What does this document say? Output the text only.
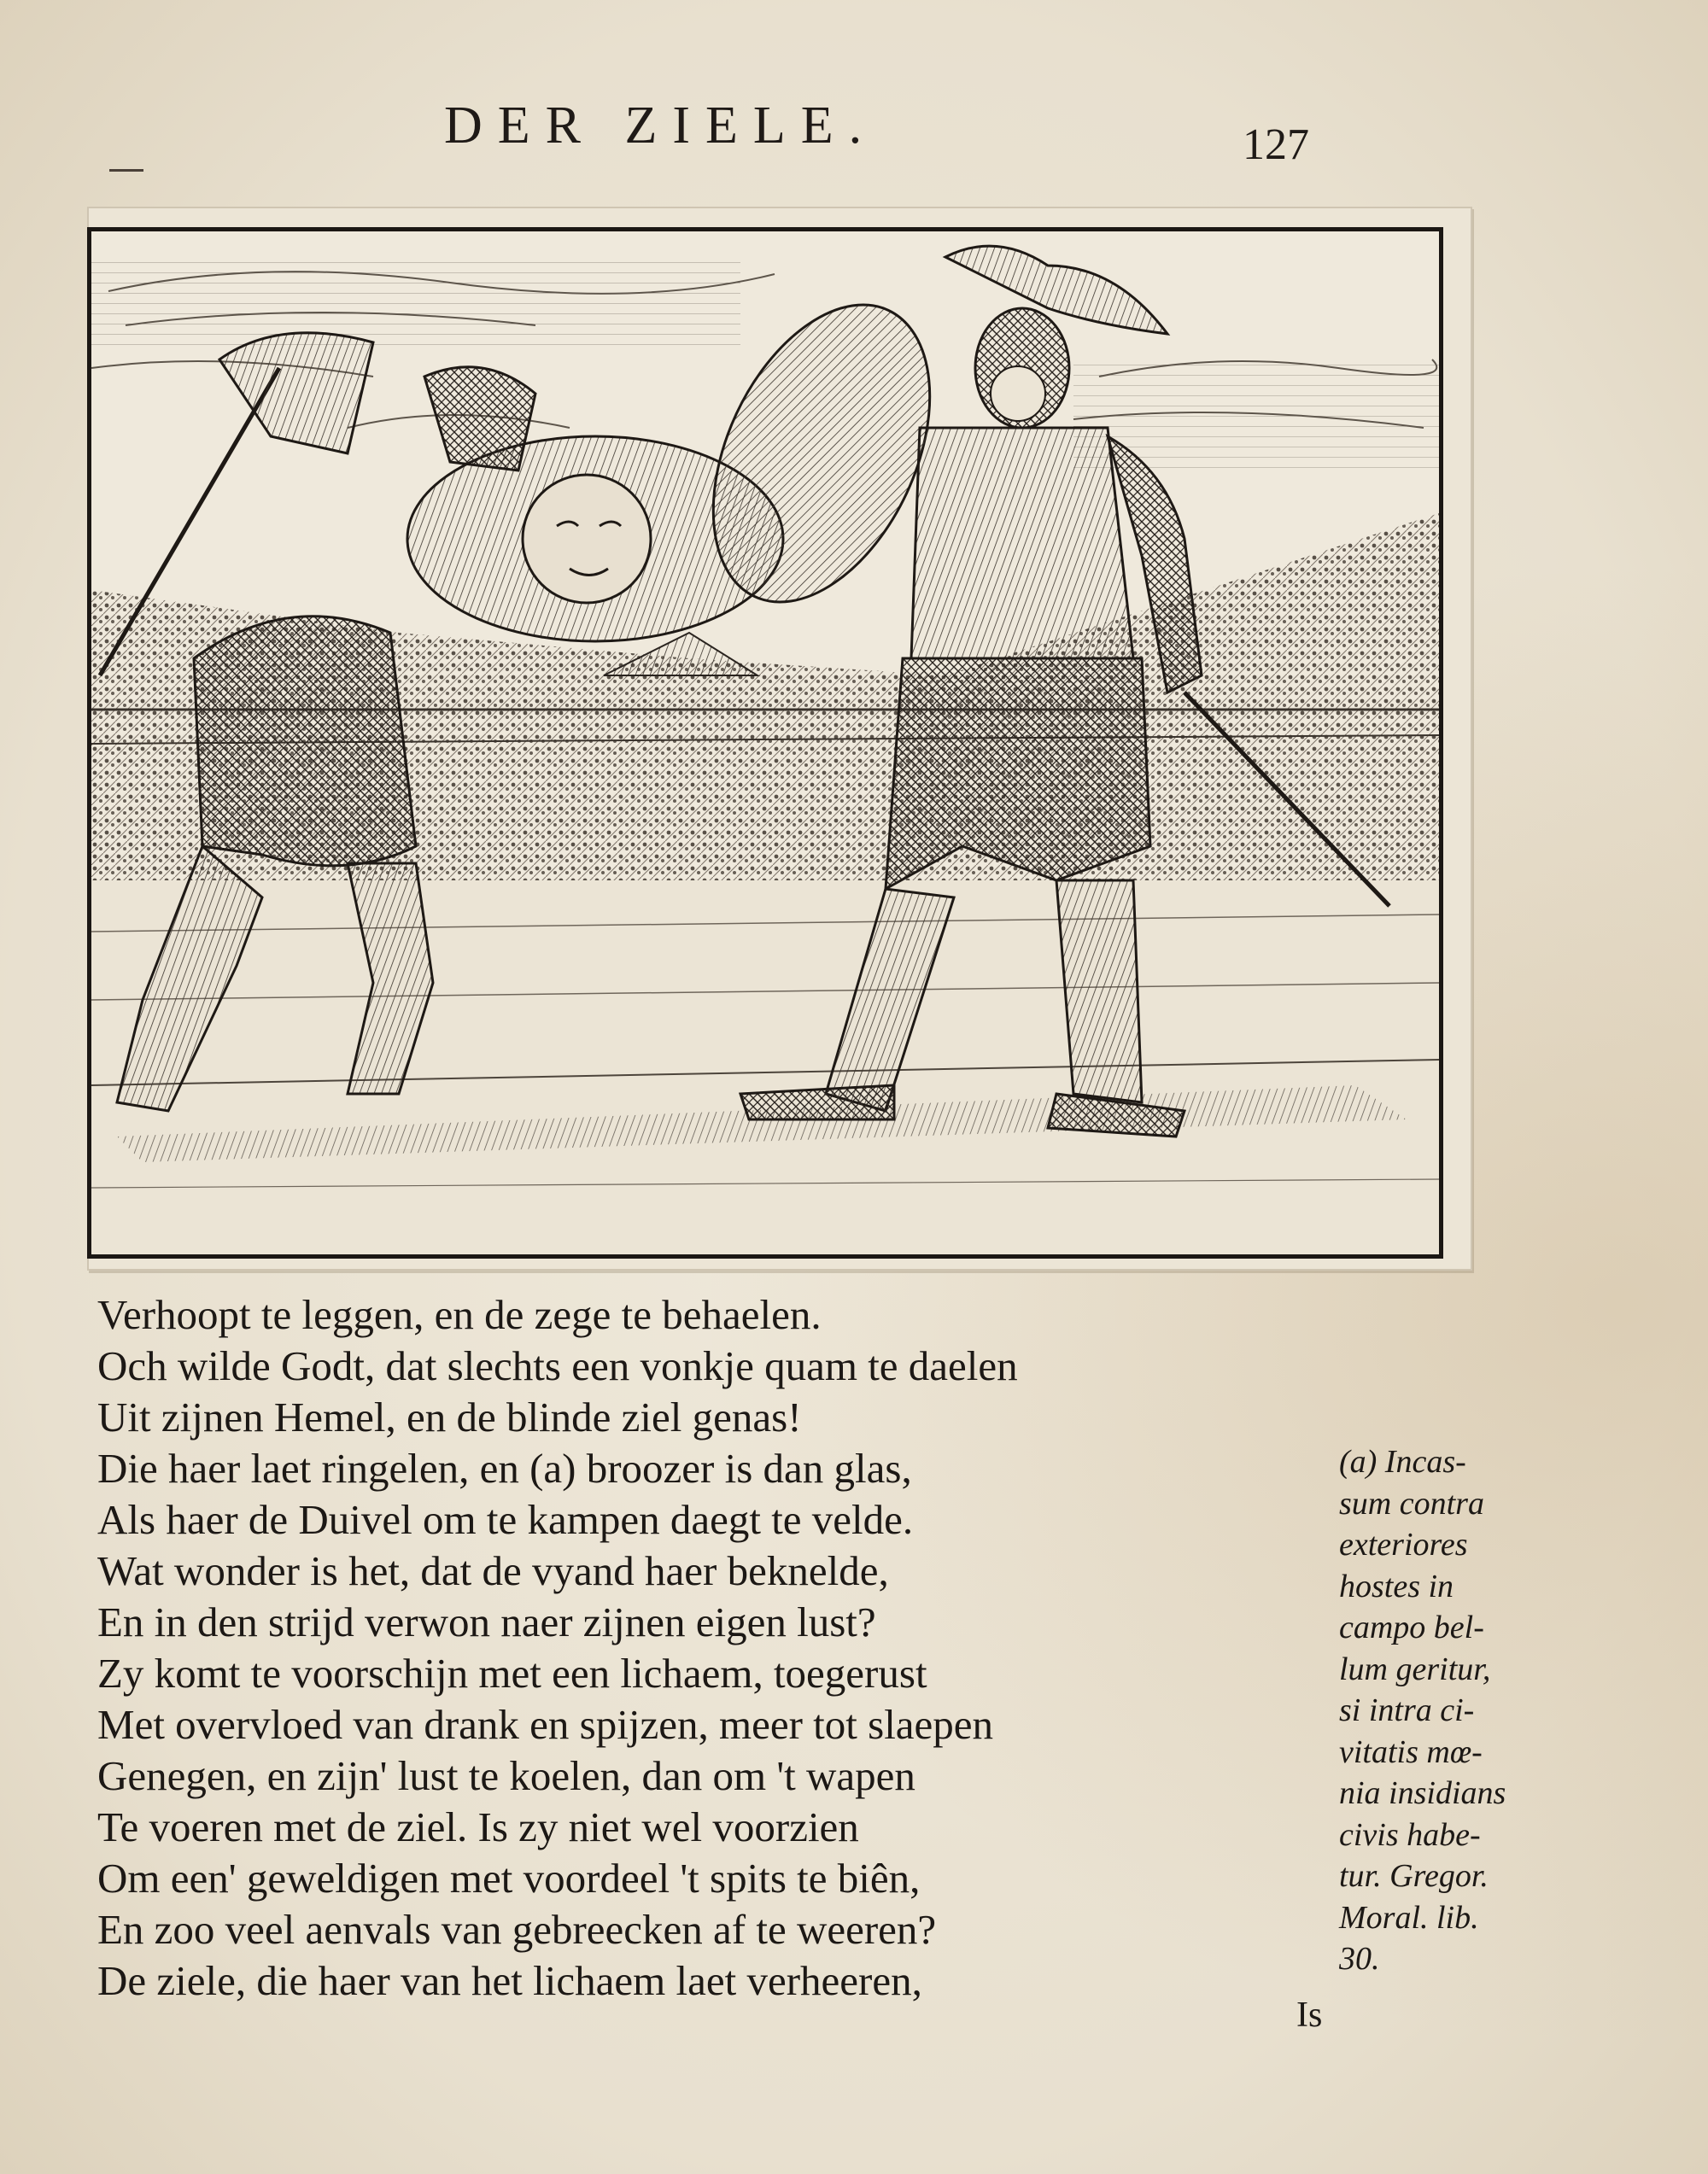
DER ZIELE.	127
Verhoopt te leggen, en de zege te behaelen.
Och wilde Godt, dat slechts een vonkje quam te daelen
Uit zijnen Hemel, en de blinde ziel genas!
Die haer laet ringelen, en (a) broozer is dan glas,
Als haer de Duivel om te kampen daegt te velde.
Wat wonder is het, dat de vyand haer beknelde,
En in den strijd verwon naer zijnen eigen lust?
Zy komt te voorschijn met een lichaem, toegerust
Met overvloed van drank en spijzen, meer tot slaepen
Genegen, en zijn' lust te koelen, dan om 't wapen
Te voeren met de ziel. Is zy niet wel voorzien
Om een' geweldigen met voordeel 't spits te biên,
En zoo veel aenvals van gebreecken af te weeren?
De ziele, die haer van het lichaem laet verheeren,
(a) Incas-
sum contra
exteriores
hostes in
campo bel-
lum geritur,
si intra ci-
vitatis mœ-
nia insidians
civis habe-
tur. Gregor.
Moral. lib.
30.
Is
